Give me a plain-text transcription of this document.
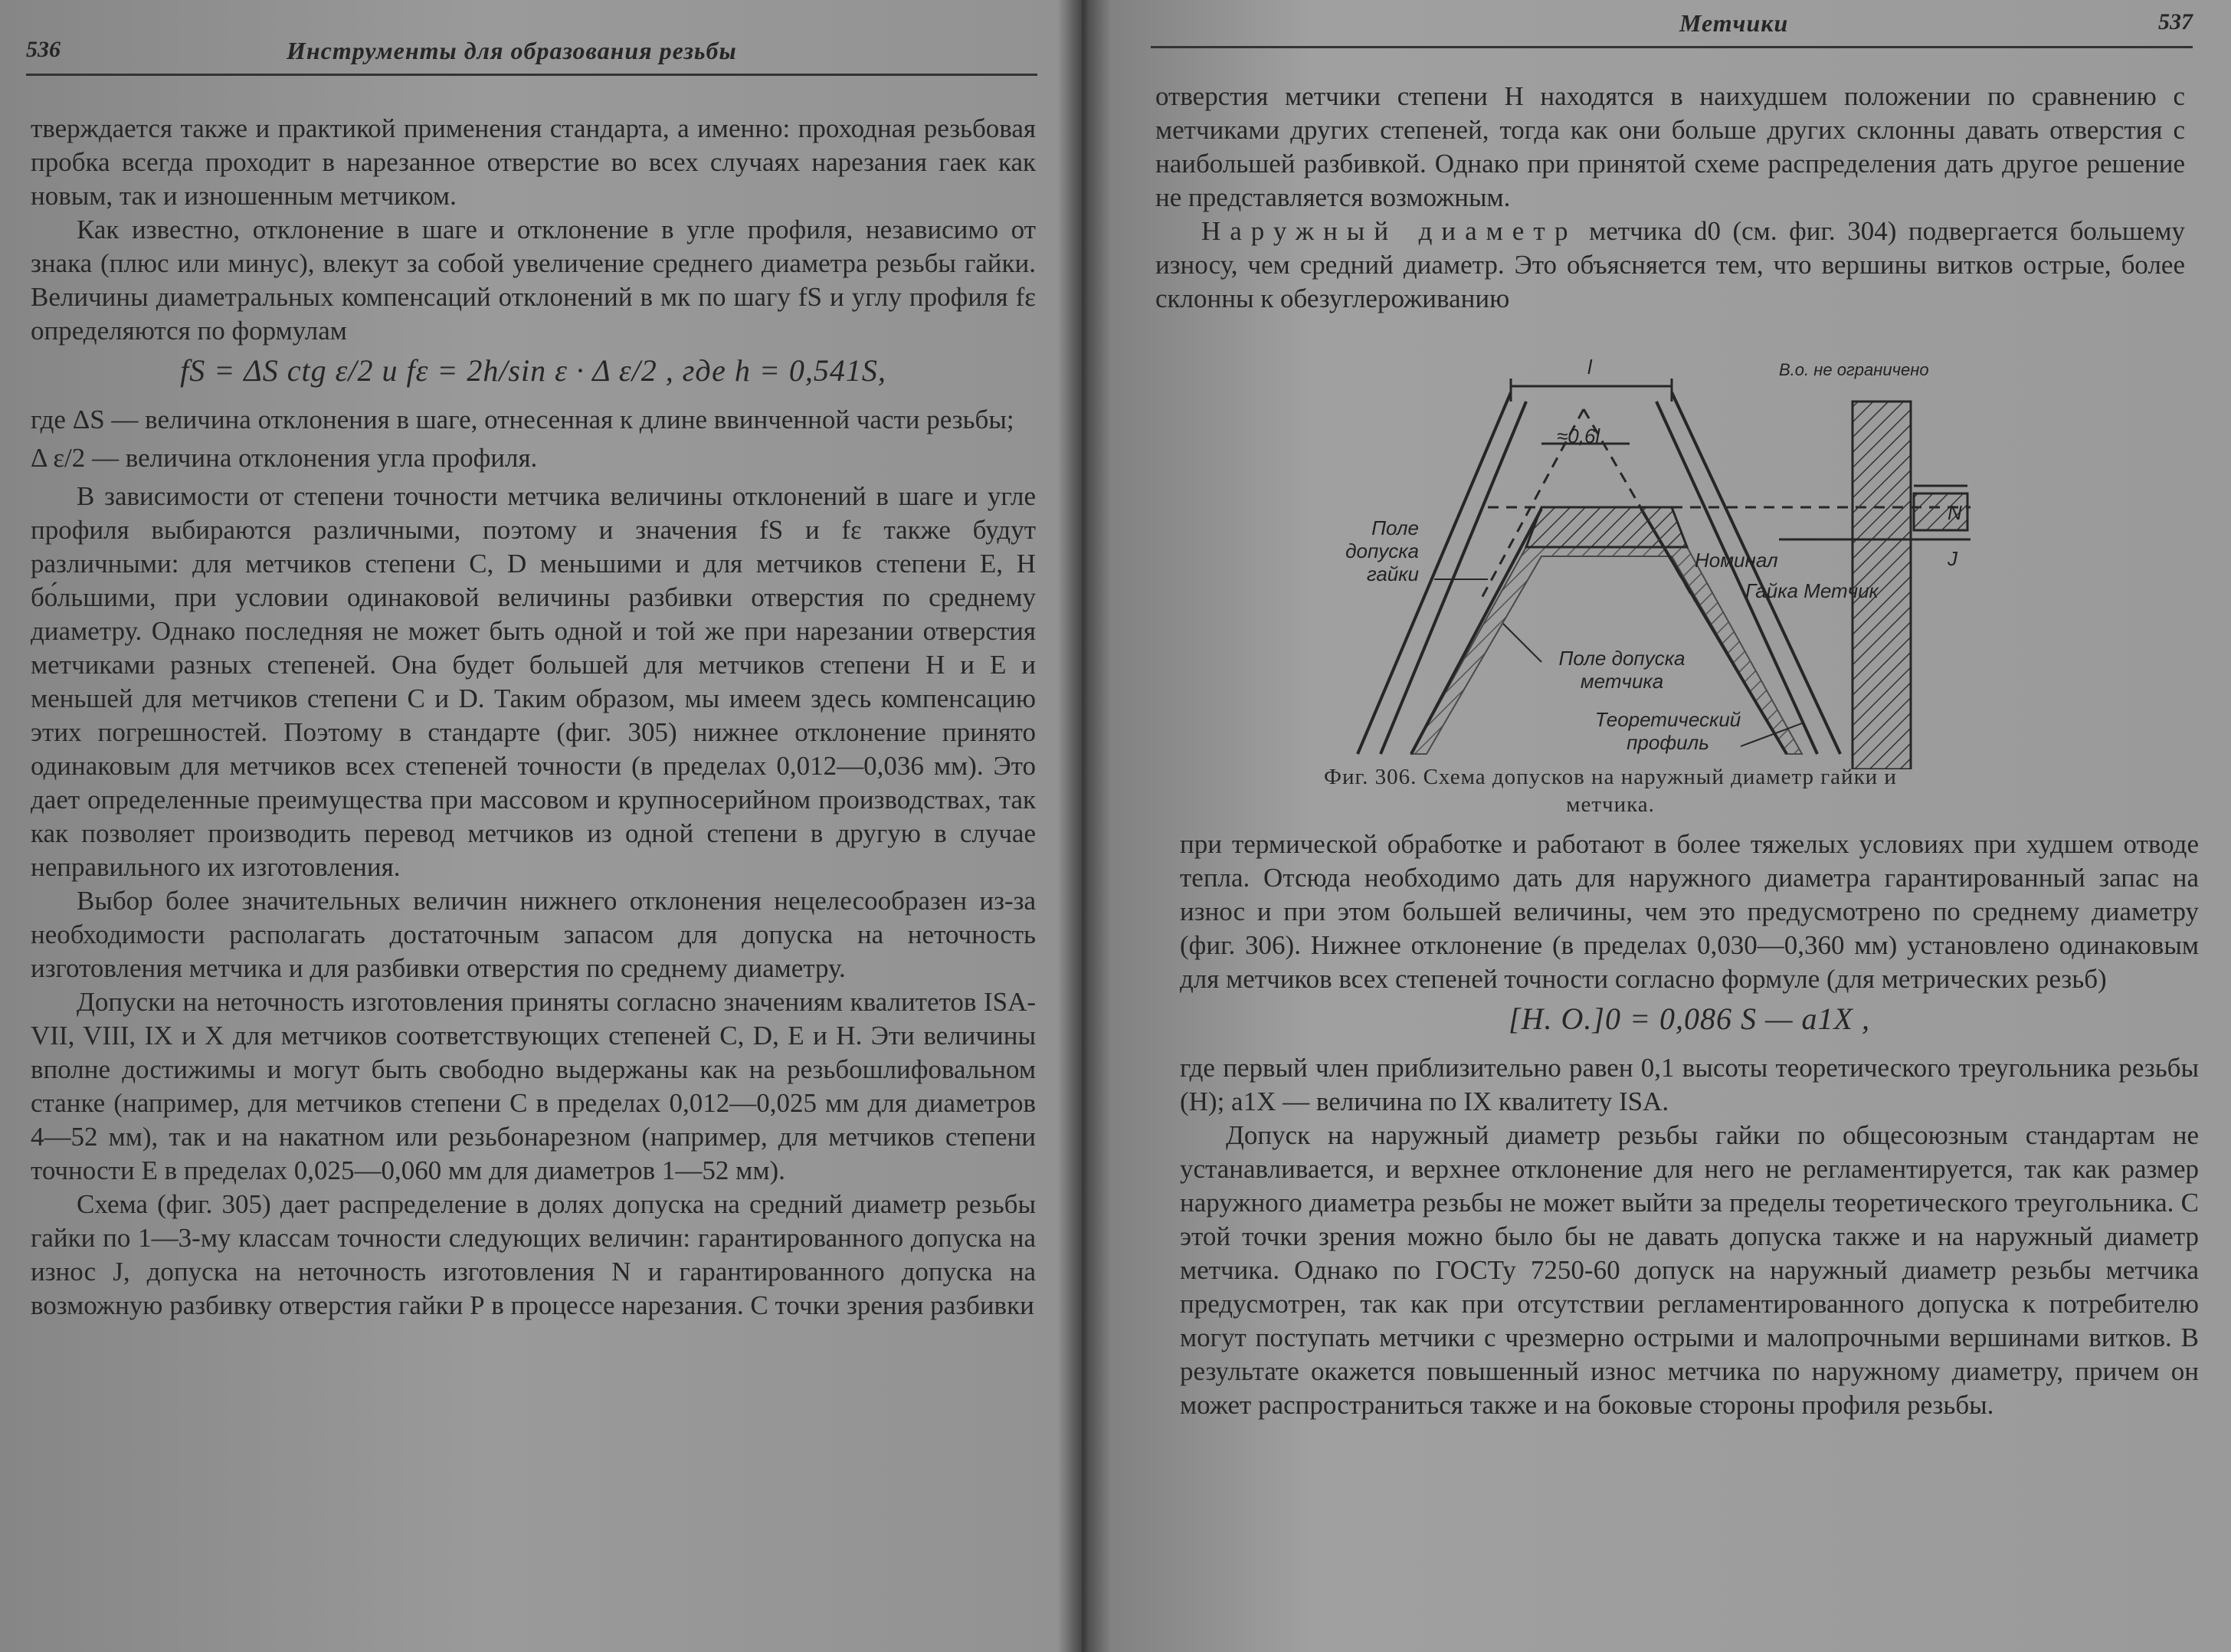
536	Инструменты для образования резьбы

тверждается также и практикой применения стандарта, а именно: проходная резьбовая пробка всегда проходит в нарезанное отверстие во всех случаях нарезания гаек как новым, так и изношенным метчиком.

Как известно, отклонение в шаге и отклонение в угле профиля, независимо от знака (плюс или минус), влекут за собой увеличение среднего диаметра резьбы гайки. Величины диаметральных компенсаций отклонений в мк по шагу fS и углу профиля fε определяются по формулам

fS = ΔS ctg ε/2 и fε = 2h/sin ε · Δ ε/2 , где h = 0,541S,

где ΔS — величина отклонения в шаге, отнесенная к длине ввинченной части резьбы;

Δ ε/2 — величина отклонения угла профиля.

В зависимости от степени точности метчика величины отклонений в шаге и угле профиля выбираются различными, поэтому и значения fS и fε также будут различными: для метчиков степени С, D меньшими и для метчиков степени Е, Н бо́льшими, при условии одинаковой величины разбивки отверстия по среднему диаметру. Однако последняя не может быть одной и той же при нарезании отверстия метчиками разных степеней. Она будет большей для метчиков степени Н и Е и меньшей для метчиков степени С и D. Таким образом, мы имеем здесь компенсацию этих погрешностей. Поэтому в стандарте (фиг. 305) нижнее отклонение принято одинаковым для метчиков всех степеней точности (в пределах 0,012—0,036 мм). Это дает определенные преимущества при массовом и крупносерийном производствах, так как позволяет производить перевод метчиков из одной степени в другую в случае неправильного их изготовления.

Выбор более значительных величин нижнего отклонения нецелесообразен из-за необходимости располагать достаточным запасом для допуска на неточность изготовления метчика и для разбивки отверстия по среднему диаметру.

Допуски на неточность изготовления приняты согласно значениям квалитетов ISA-VII, VIII, IX и X для метчиков соответствующих степеней С, D, Е и Н. Эти величины вполне достижимы и могут быть свободно выдержаны как на резьбошлифовальном станке (например, для метчиков степени С в пределах 0,012—0,025 мм для диаметров 4—52 мм), так и на накатном или резьбонарезном (например, для метчиков степени точности Е в пределах 0,025—0,060 мм для диаметров 1—52 мм).

Схема (фиг. 305) дает распределение в долях допуска на средний диаметр резьбы гайки по 1—3-му классам точности следующих величин: гарантированного допуска на износ J, допуска на неточность изготовления N и гарантированного допуска на возможную разбивку отверстия гайки Р в процессе нарезания. С точки зрения разбивки

Метчики	537

отверстия метчики степени Н находятся в наихудшем положении по сравнению с метчиками других степеней, тогда как они больше других склонны давать отверстия с наибольшей разбивкой. Однако при принятой схеме распределения дать другое решение не представляется возможным.

Наружный диаметр метчика d0 (см. фиг. 304) подвергается большему износу, чем средний диаметр. Это объясняется тем, что вершины витков острые, более склонны к обезуглероживанию

l
≈0,6l
В.о. не ограничено
Поле допуска гайки
Номинал
Гайка Метчик
N
J
Поле допуска метчика
Теоретический профиль
Фиг. 306. Схема допусков на наружный диаметр гайки и метчика.

при термической обработке и работают в более тяжелых условиях при худшем отводе тепла. Отсюда необходимо дать для наружного диаметра гарантированный запас на износ и при этом большей величины, чем это предусмотрено по среднему диаметру (фиг. 306). Нижнее отклонение (в пределах 0,030—0,360 мм) установлено одинаковым для метчиков всех степеней точности согласно формуле (для метрических резьб)

[Н. О.]0 = 0,086 S — a1X ,

где первый член приблизительно равен 0,1 высоты теоретического треугольника резьбы (H); a1X — величина по IX квалитету ISA.

Допуск на наружный диаметр резьбы гайки по общесоюзным стандартам не устанавливается, и верхнее отклонение для него не регламентируется, так как размер наружного диаметра резьбы не может выйти за пределы теоретического треугольника. С этой точки зрения можно было бы не давать допуска также и на наружный диаметр метчика. Однако по ГОСТу 7250-60 допуск на наружный диаметр резьбы метчика предусмотрен, так как при отсутствии регламентированного допуска к потребителю могут поступать метчики с чрезмерно острыми и малопрочными вершинами витков. В результате окажется повышенный износ метчика по наружному диаметру, причем он может распространиться также и на боковые стороны профиля резьбы.
